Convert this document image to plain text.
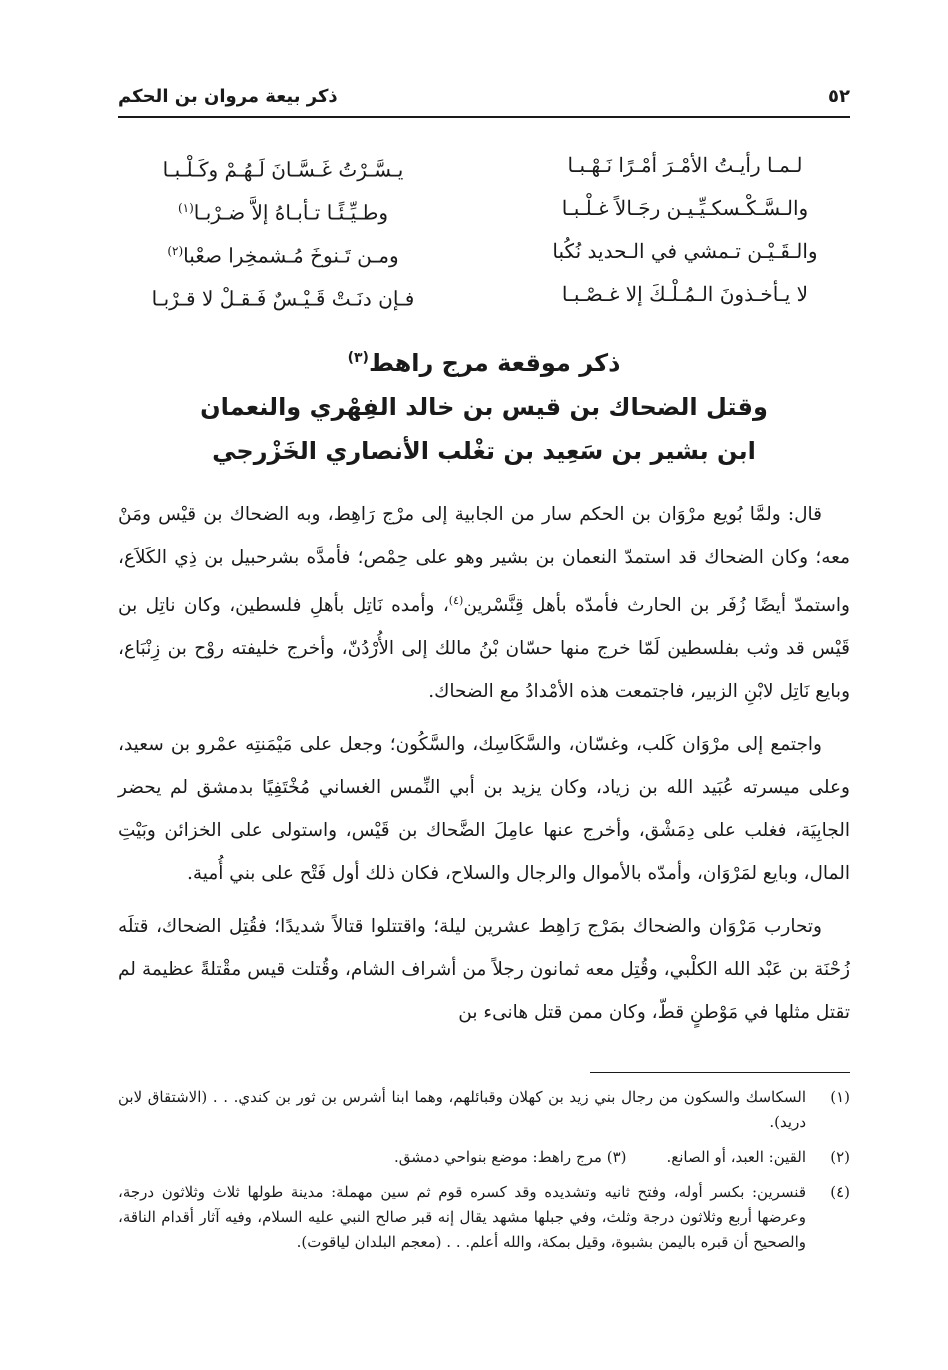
٥٢
ذكر بيعة مروان بن الحكم
لـمـا رأيـتُ الأمْـرَ أمْـرًا نَـهْـبـا
يـسَّـرْتُ غَـسَّـانَ لَـهُـمْ وكَـلْـبـا
والـسَّـكْـسكـيِّـيـن رجَـالاً غـلْـبـا
وطـيِّـئًـا تـأبـاهُ إلاَّ ضـرْبـا$^{(١)}$
والـقَـيْـن تـمشي في الـحديد نُكُبا
ومـن تَـنوخَ مُـشمخِرا صعْبا$^{(٢)}$
لا يـأخـذونَ الـمُـلْـكَ إلا غـصْـبـا
فـإن دنَـتْ قَـيْـسٌ فَـقـلْ لا قـرْبـا
ذكر موقعة مرج راهط$^{(٣)}$
وقتل الضحاك بن قيس بن خالد الفِهْري والنعمان
ابن بشير بن سَعِيد بن تغْلب الأنصاري الخَزْرجي

قال: ولمَّا بُويع مرْوَان بن الحكم سار من الجابية إلى مرْج رَاهِط، وبه الضحاك بن قيْس ومَنْ معه؛ وكان الضحاك قد استمدّ النعمان بن بشير وهو على حِمْص؛ فأمدَّه بشرحبيل بن ذِي الكَلاَع، واستمدّ أيضًا زُفَر بن الحارث فأمدّه بأهل قِنَّسْرين$^{(٤)}$، وأمده نَاتِل بأهلِ فلسطين، وكان ناتِل بن قَيْس قد وثب بفلسطين لَمّا خرج منها حسّان بْنُ مالك إلى الأُرْدُنّ، وأخرج خليفته روْح بن زِنْبَاع، وبايع نَاتِل لابْنِ الزبير، فاجتمعت هذه الأمْدادُ مع الضحاك.

واجتمع إلى مرْوَان كَلب، وغسّان، والسَّكَاسِك، والسَّكُون؛ وجعل على مَيْمَنتِه عمْرو بن سعيد، وعلى ميسرته عُبَيد الله بن زياد، وكان يزيد بن أبي النِّمس الغساني مُخْتَفِيًا بدمشق لم يحضر الجابِيَة، فغلب على دِمَشْق، وأخرج عنها عامِلَ الضَّحاك بن قَيْس، واستولى على الخزائن وبَيْتِ المال، وبايع لمَرْوَان، وأمدّه بالأموال والرجال والسلاح، فكان ذلك أول فَتْح على بني أُمية.

وتحارب مَرْوَان والضحاك بمَرْج رَاهِط عشرين ليلة؛ واقتتلوا قتالاً شديدًا؛ فقُتِل الضحاك، قتلَه زُحْنَة بن عَبْد الله الكلْبي، وقُتِل معه ثمانون رجلاً من أشراف الشام، وقُتلت قيس مقْتلةً عظيمة لم تقتل مثلها في مَوْطنٍ قطّ، وكان ممن قتل هانىء بن

(١)
السكاسك والسكون من رجال بني زيد بن كهلان وقبائلهم، وهما ابنا أشرس بن ثور بن كندي. . . (الاشتقاق لابن دريد).
(٢)
القين: العبد، أو الصانع.(٣) مرج راهط: موضع بنواحي دمشق.
(٤)
قنسرين: بكسر أوله، وفتح ثانيه وتشديده وقد كسره قوم ثم سين مهملة: مدينة طولها ثلاث وثلاثون درجة، وعرضها أربع وثلاثون درجة وثلث، وفي جبلها مشهد يقال إنه قبر صالح النبي عليه السلام، وفيه آثار أقدام الناقة، والصحيح أن قبره باليمن بشبوة، وقيل بمكة، والله أعلم. . . (معجم البلدان لياقوت).
